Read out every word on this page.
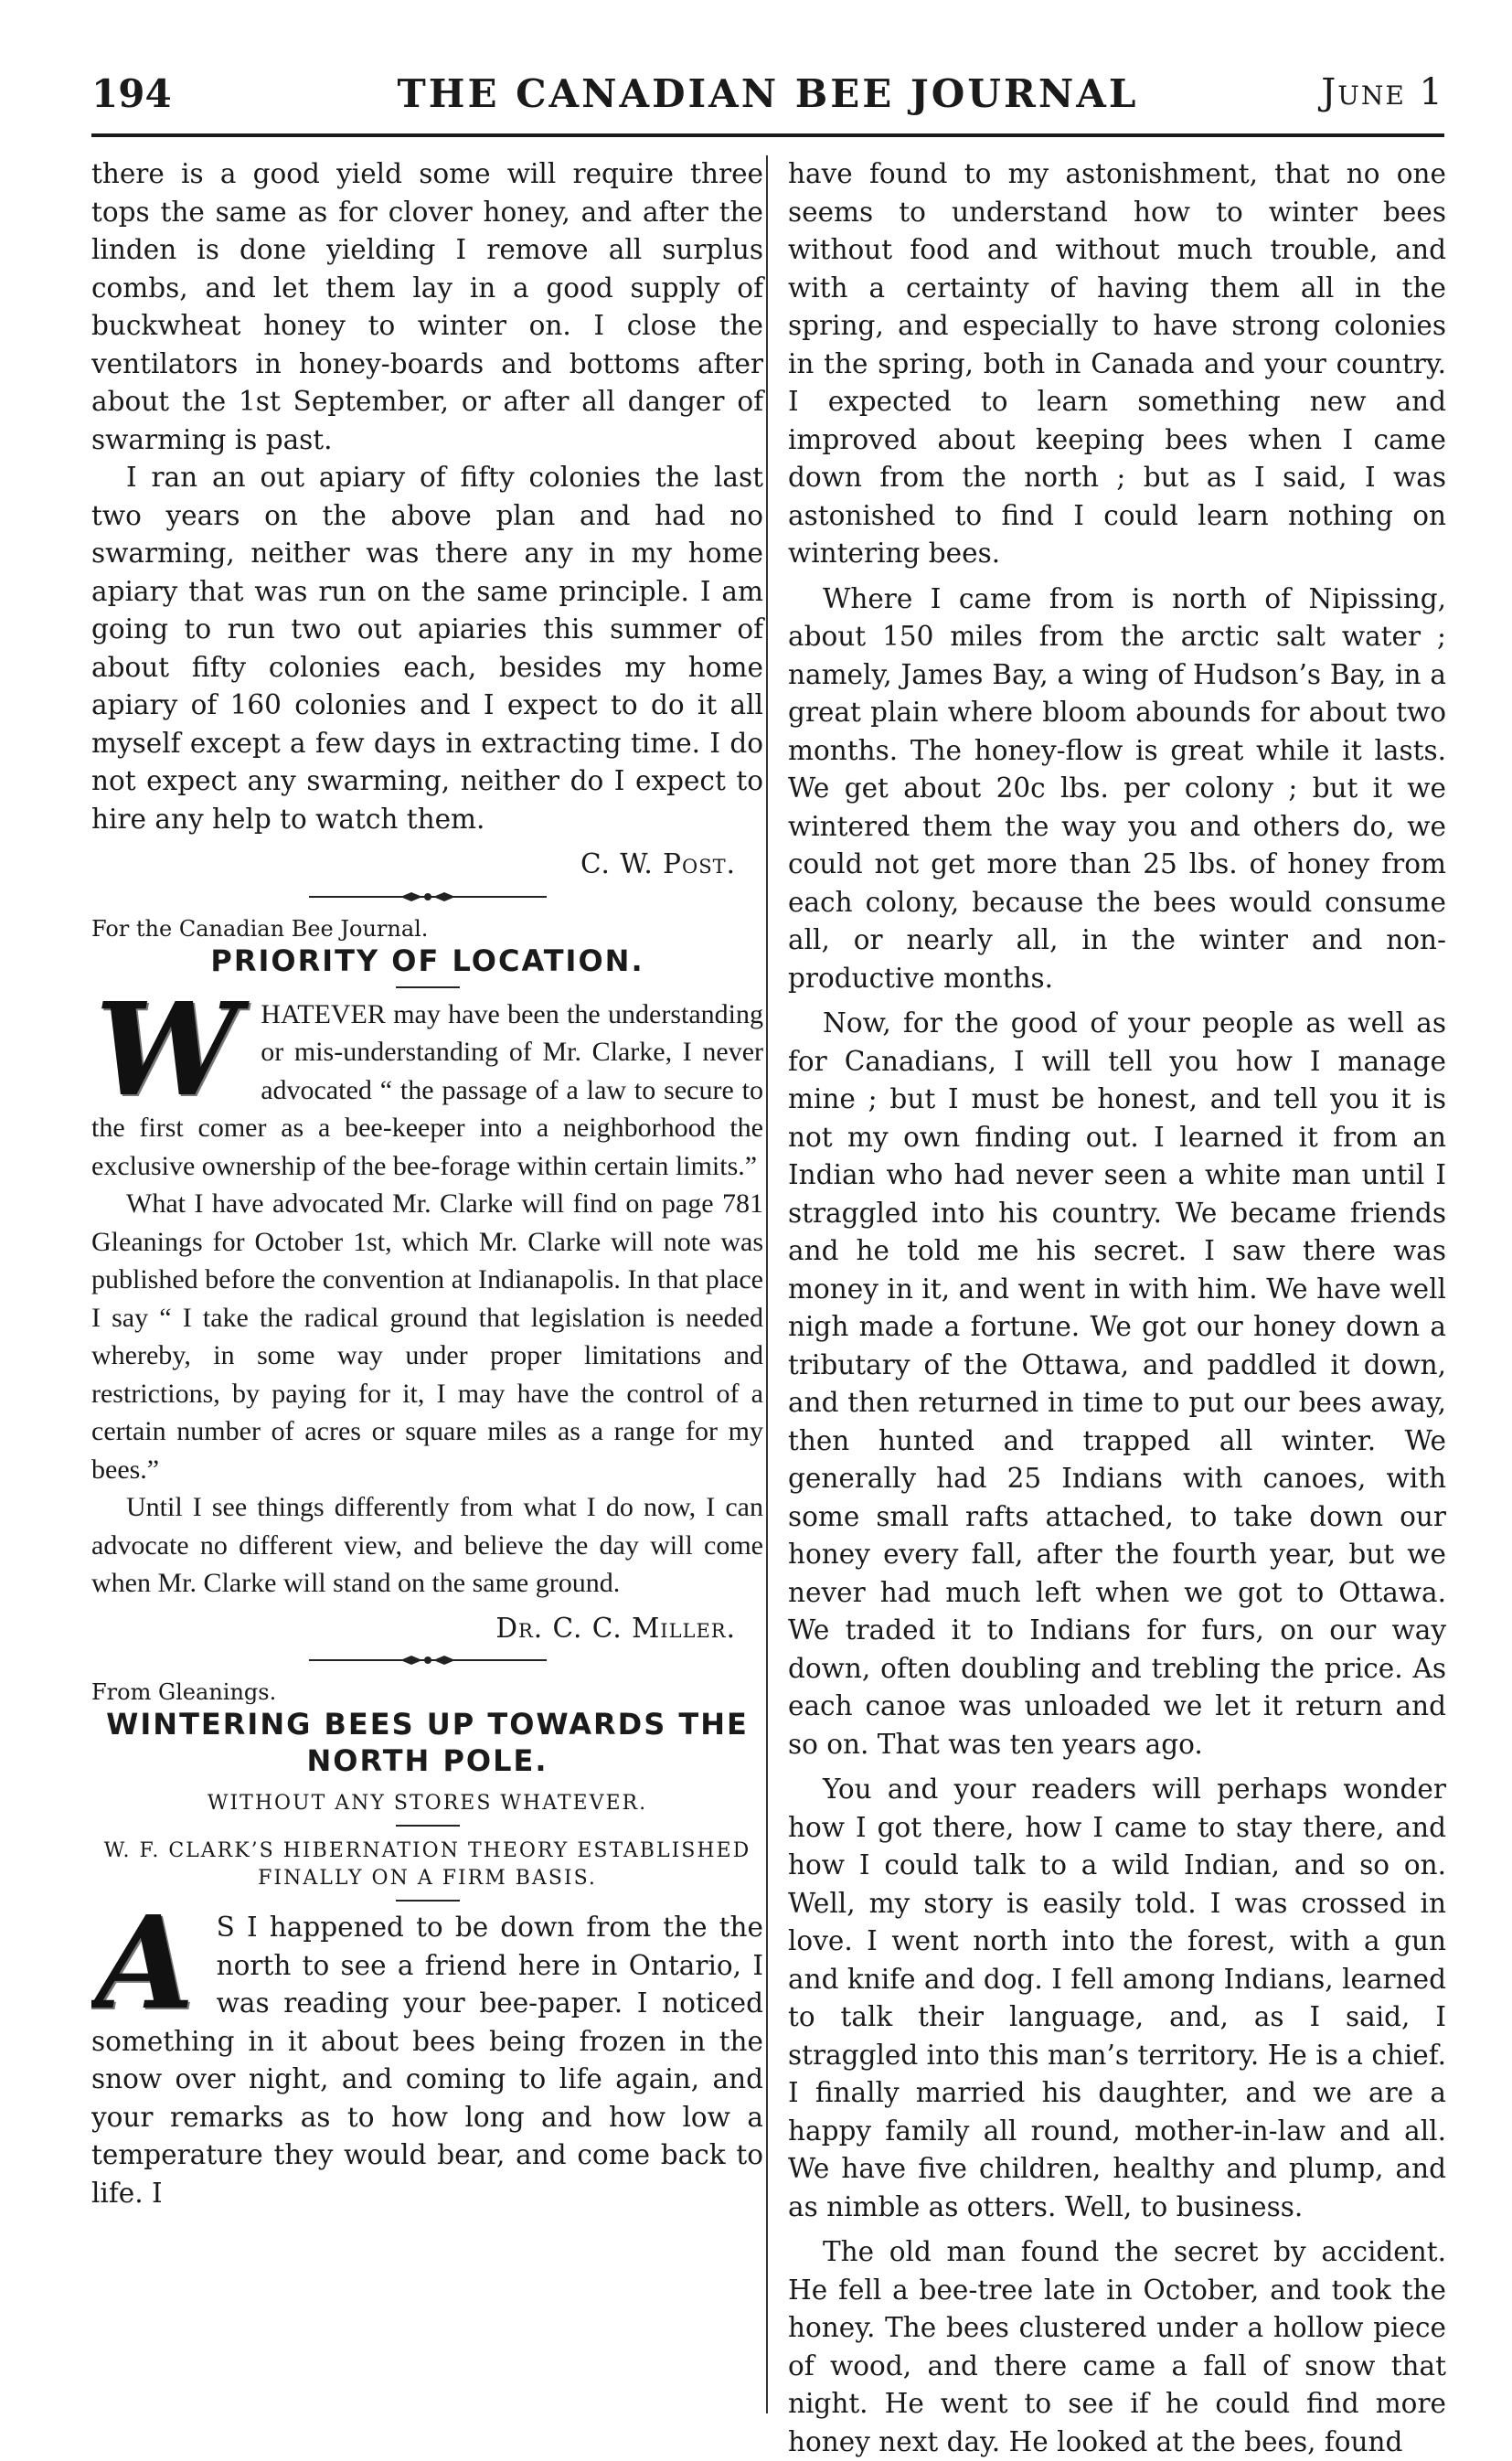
194	THE CANADIAN BEE JOURNAL	June 1

there is a good yield some will require three tops the same as for clover honey, and after the linden is done yielding I remove all surplus combs, and let them lay in a good supply of buckwheat honey to winter on. I close the ventilators in honey-boards and bottoms after about the 1st September, or after all danger of swarming is past.

I ran an out apiary of fifty colonies the last two years on the above plan and had no swarming, neither was there any in my home apiary that was run on the same principle. I am going to run two out apiaries this summer of about fifty colonies each, besides my home apiary of 160 colonies and I expect to do it all myself except a few days in extracting time. I do not expect any swarming, neither do I expect to hire any help to watch them.

C. W. Post.
For the Canadian Bee Journal.
PRIORITY OF LOCATION.
W HATEVER may have been the understanding or mis-understanding of Mr. Clarke, I never advocated “ the passage of a law to secure to the first comer as a bee-keeper into a neighborhood the exclusive ownership of the bee-forage within certain limits.”

What I have advocated Mr. Clarke will find on page 781 Gleanings for October 1st, which Mr. Clarke will note was published before the convention at Indianapolis. In that place I say “ I take the radical ground that legislation is needed whereby, in some way under proper limitations and restrictions, by paying for it, I may have the control of a certain number of acres or square miles as a range for my bees.”

Until I see things differently from what I do now, I can advocate no different view, and believe the day will come when Mr. Clarke will stand on the same ground.

Dr. C. C. Miller.
From Gleanings.
WINTERING BEES UP TOWARDS THE NORTH POLE.
WITHOUT ANY STORES WHATEVER.
W. F. CLARK’S HIBERNATION THEORY ESTABLISHED FINALLY ON A FIRM BASIS.
A S I happened to be down from the the north to see a friend here in Ontario, I was reading your bee-paper. I noticed something in it about bees being frozen in the snow over night, and coming to life again, and your remarks as to how long and how low a temperature they would bear, and come back to life. I

have found to my astonishment, that no one seems to understand how to winter bees without food and without much trouble, and with a certainty of having them all in the spring, and especially to have strong colonies in the spring, both in Canada and your country. I expected to learn something new and improved about keeping bees when I came down from the north ; but as I said, I was astonished to find I could learn nothing on wintering bees.

Where I came from is north of Nipissing, about 150 miles from the arctic salt water ; namely, James Bay, a wing of Hudson’s Bay, in a great plain where bloom abounds for about two months. The honey-flow is great while it lasts. We get about 20c lbs. per colony ; but it we wintered them the way you and others do, we could not get more than 25 lbs. of honey from each colony, because the bees would consume all, or nearly all, in the winter and non-productive months.

Now, for the good of your people as well as for Canadians, I will tell you how I manage mine ; but I must be honest, and tell you it is not my own finding out. I learned it from an Indian who had never seen a white man until I straggled into his country. We became friends and he told me his secret. I saw there was money in it, and went in with him. We have well nigh made a fortune. We got our honey down a tributary of the Ottawa, and paddled it down, and then returned in time to put our bees away, then hunted and trapped all winter. We generally had 25 Indians with canoes, with some small rafts attached, to take down our honey every fall, after the fourth year, but we never had much left when we got to Ottawa. We traded it to Indians for furs, on our way down, often doubling and trebling the price. As each canoe was unloaded we let it return and so on. That was ten years ago.

You and your readers will perhaps wonder how I got there, how I came to stay there, and how I could talk to a wild Indian, and so on. Well, my story is easily told. I was crossed in love. I went north into the forest, with a gun and knife and dog. I fell among Indians, learned to talk their language, and, as I said, I straggled into this man’s territory. He is a chief. I finally married his daughter, and we are a happy family all round, mother-in-law and all. We have five children, healthy and plump, and as nimble as otters. Well, to business.

The old man found the secret by accident. He fell a bee-tree late in October, and took the honey. The bees clustered under a hollow piece of wood, and there came a fall of snow that night. He went to see if he could find more honey next day. He looked at the bees, found
